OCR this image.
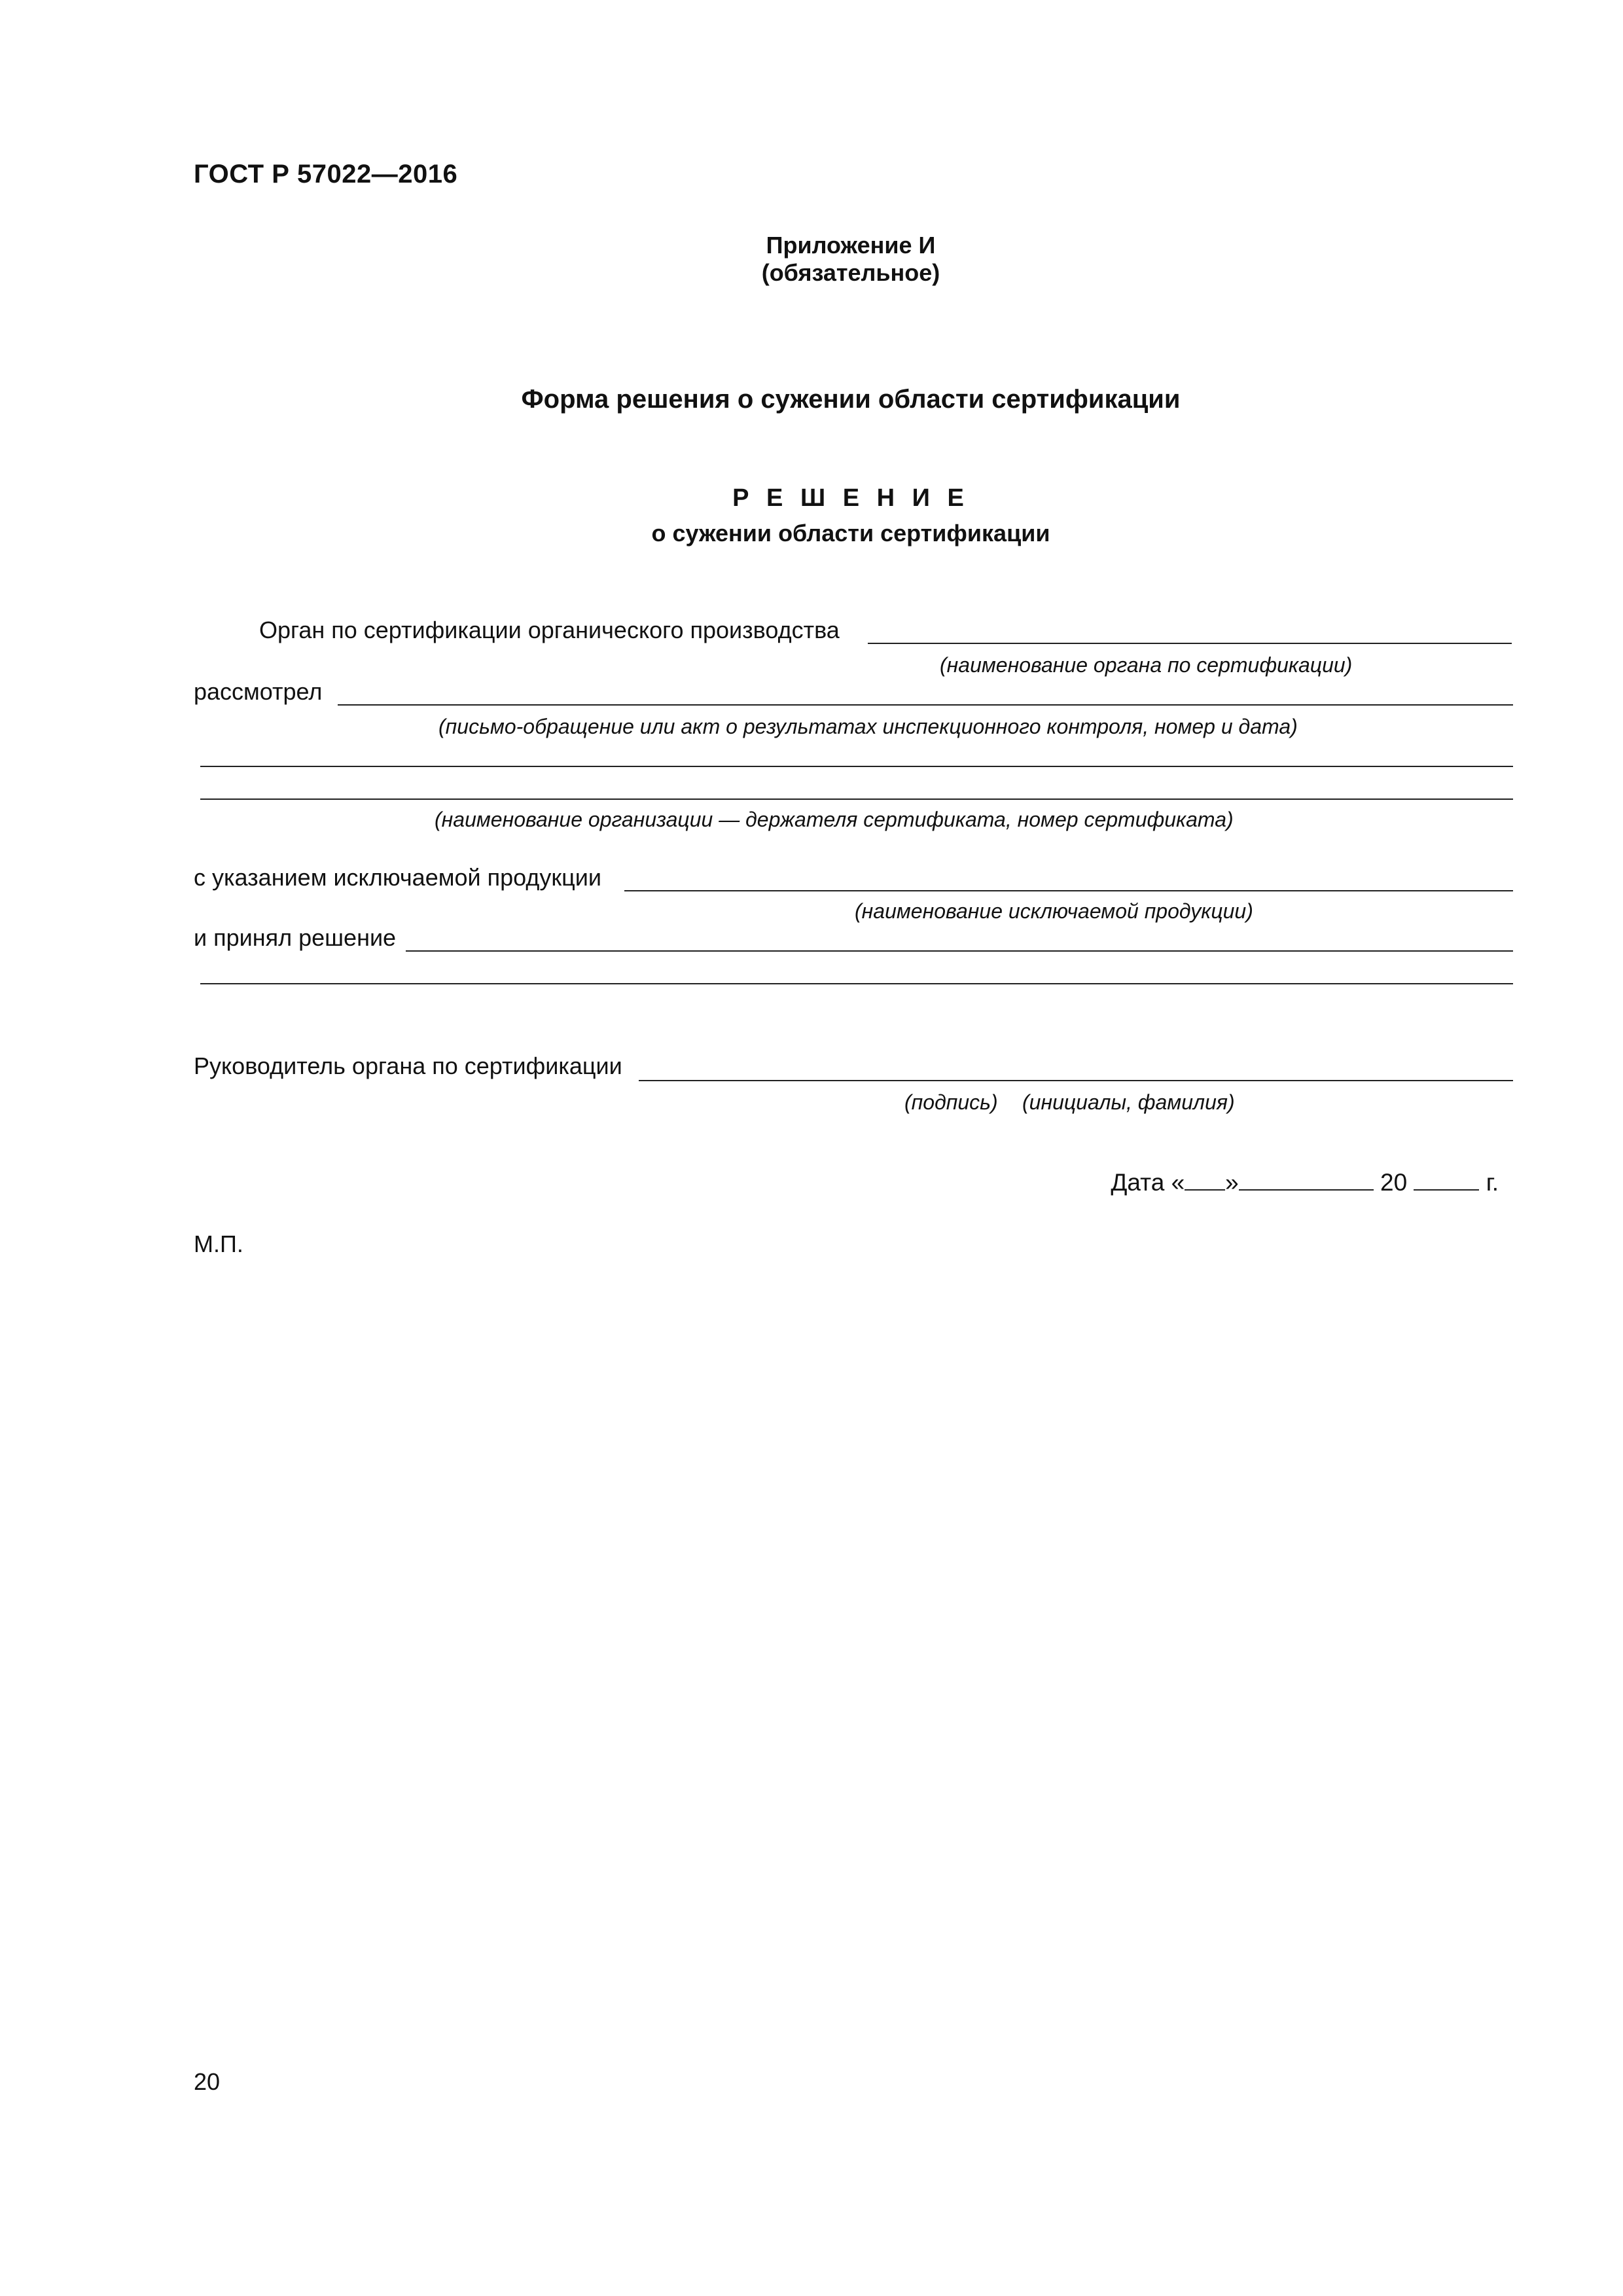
ГОСТ Р 57022—2016
Приложение И
(обязательное)
Форма решения о сужении области сертификации
Р Е Ш Е Н И Е
о сужении области сертификации
Орган по сертификации органического производства
(наименование органа по сертификации)
рассмотрел
(письмо-обращение или акт о результатах инспекционного контроля, номер и дата)
(наименование организации — держателя сертификата, номер сертификата)
с указанием исключаемой продукции
(наименование исключаемой продукции)
и принял решение
Руководитель органа по сертификации
(подпись) (инициалы, фамилия)
Дата « »	20	г.
М.П.
20
